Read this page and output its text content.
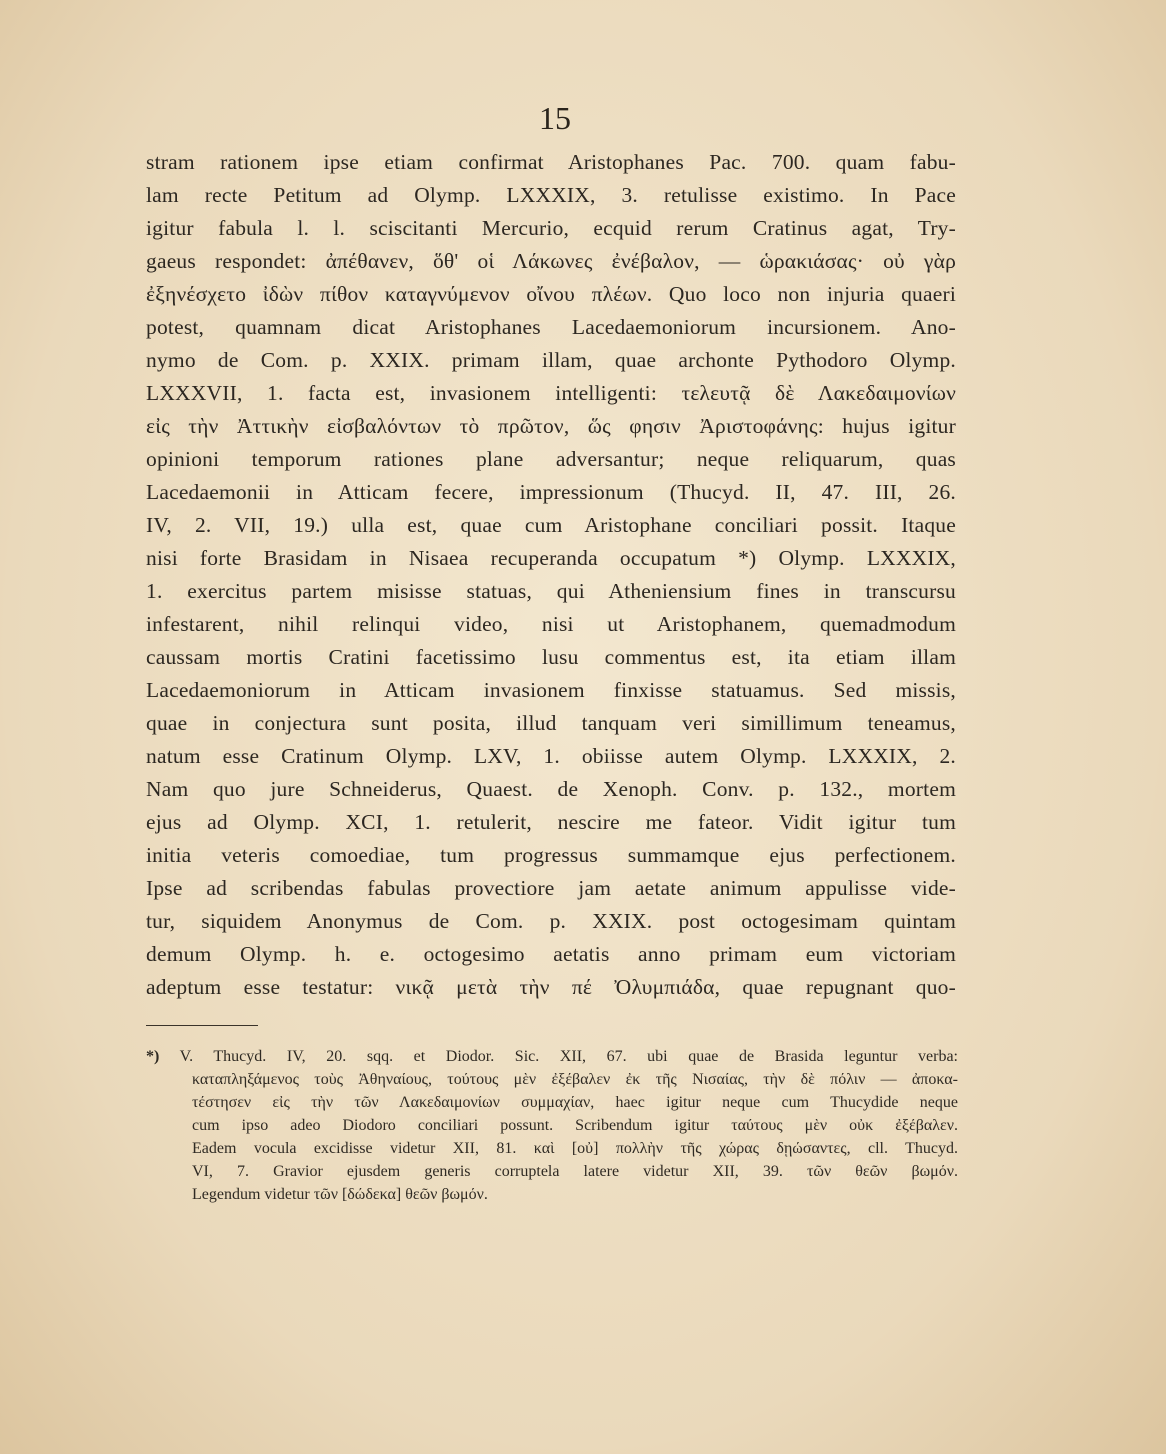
15
stram rationem ipse etiam confirmat Aristophanes Pac. 700. quam fabu-
lam recte Petitum ad Olymp. LXXXIX, 3. retulisse existimo. In Pace
igitur fabula l. l. sciscitanti Mercurio, ecquid rerum Cratinus agat, Try-
gaeus respondet: ἀπέθανεν, ὅθ' οἱ Λάκωνες ἐνέβαλον, — ὡρακιάσας· οὐ γὰρ
ἐξηνέσχετο ἰδὼν πίθον καταγνύμενον οἴνου πλέων. Quo loco non injuria quaeri
potest, quamnam dicat Aristophanes Lacedaemoniorum incursionem. Ano-
nymo de Com. p. XXIX. primam illam, quae archonte Pythodoro Olymp.
LXXXVII, 1. facta est, invasionem intelligenti: τελευτᾷ δὲ Λακεδαιμονίων
εἰς τὴν Ἀττικὴν εἰσβαλόντων τὸ πρῶτον, ὥς φησιν Ἀριστοφάνης: hujus igitur
opinioni temporum rationes plane adversantur; neque reliquarum, quas
Lacedaemonii in Atticam fecere, impressionum (Thucyd. II, 47. III, 26.
IV, 2. VII, 19.) ulla est, quae cum Aristophane conciliari possit. Itaque
nisi forte Brasidam in Nisaea recuperanda occupatum *) Olymp. LXXXIX,
1. exercitus partem misisse statuas, qui Atheniensium fines in transcursu
infestarent, nihil relinqui video, nisi ut Aristophanem, quemadmodum
caussam mortis Cratini facetissimo lusu commentus est, ita etiam illam
Lacedaemoniorum in Atticam invasionem finxisse statuamus. Sed missis,
quae in conjectura sunt posita, illud tanquam veri simillimum teneamus,
natum esse Cratinum Olymp. LXV, 1. obiisse autem Olymp. LXXXIX, 2.
Nam quo jure Schneiderus, Quaest. de Xenoph. Conv. p. 132., mortem
ejus ad Olymp. XCI, 1. retulerit, nescire me fateor. Vidit igitur tum
initia veteris comoediae, tum progressus summamque ejus perfectionem.
Ipse ad scribendas fabulas provectiore jam aetate animum appulisse vide-
tur, siquidem Anonymus de Com. p. XXIX. post octogesimam quintam
demum Olymp. h. e. octogesimo aetatis anno primam eum victoriam
adeptum esse testatur: νικᾷ μετὰ τὴν πέ Ὀλυμπιάδα, quae repugnant quo-
*) V. Thucyd. IV, 20. sqq. et Diodor. Sic. XII, 67. ubi quae de Brasida leguntur verba:
καταπληξάμενος τοὺς Ἀθηναίους, τούτους μὲν ἐξέβαλεν ἐκ τῆς Νισαίας, τὴν δὲ πόλιν — ἀποκα-
τέστησεν εἰς τὴν τῶν Λακεδαιμονίων συμμαχίαν, haec igitur neque cum Thucydide neque
cum ipso adeo Diodoro conciliari possunt. Scribendum igitur ταύτους μὲν οὐκ ἐξέβαλεν.
Eadem vocula excidisse videtur XII, 81. καὶ [οὐ] πολλὴν τῆς χώρας δῃώσαντες, cll. Thucyd.
VI, 7. Gravior ejusdem generis corruptela latere videtur XII, 39. τῶν θεῶν βωμόν.
Legendum videtur τῶν [δώδεκα] θεῶν βωμόν.
